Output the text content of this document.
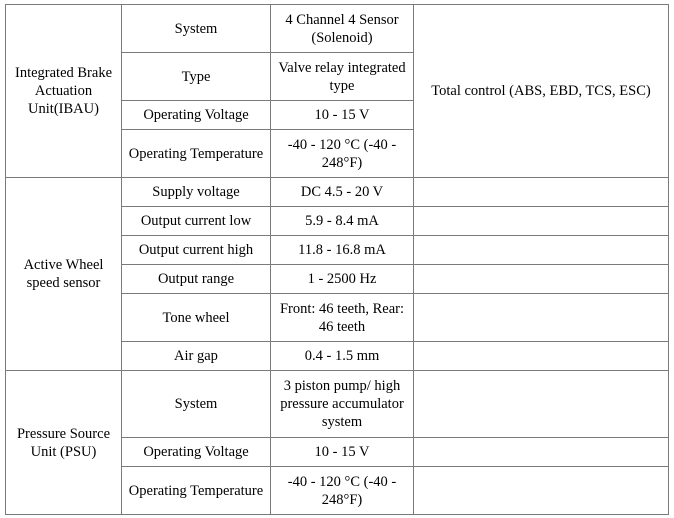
Integrated Brake Actuation Unit(IBAU)	System	4 Channel 4 Sensor (Solenoid)	Total control (ABS, EBD, TCS, ESC)
	Type	Valve relay integrated type	
	Operating Voltage	10 - 15 V	
	Operating Temperature	-40 - 120 °C (-40 - 248°F)	
Active Wheel speed sensor	Supply voltage	DC 4.5 - 20 V	
	Output current low	5.9 - 8.4 mA	
	Output current high	11.8 - 16.8 mA	
	Output range	1 - 2500 Hz	
	Tone wheel	Front: 46 teeth, Rear: 46 teeth	
	Air gap	0.4 - 1.5 mm	
Pressure Source Unit (PSU)	System	3 piston pump/ high pressure accumulator system	
	Operating Voltage	10 - 15 V	
	Operating Temperature	-40 - 120 °C (-40 - 248°F)	
